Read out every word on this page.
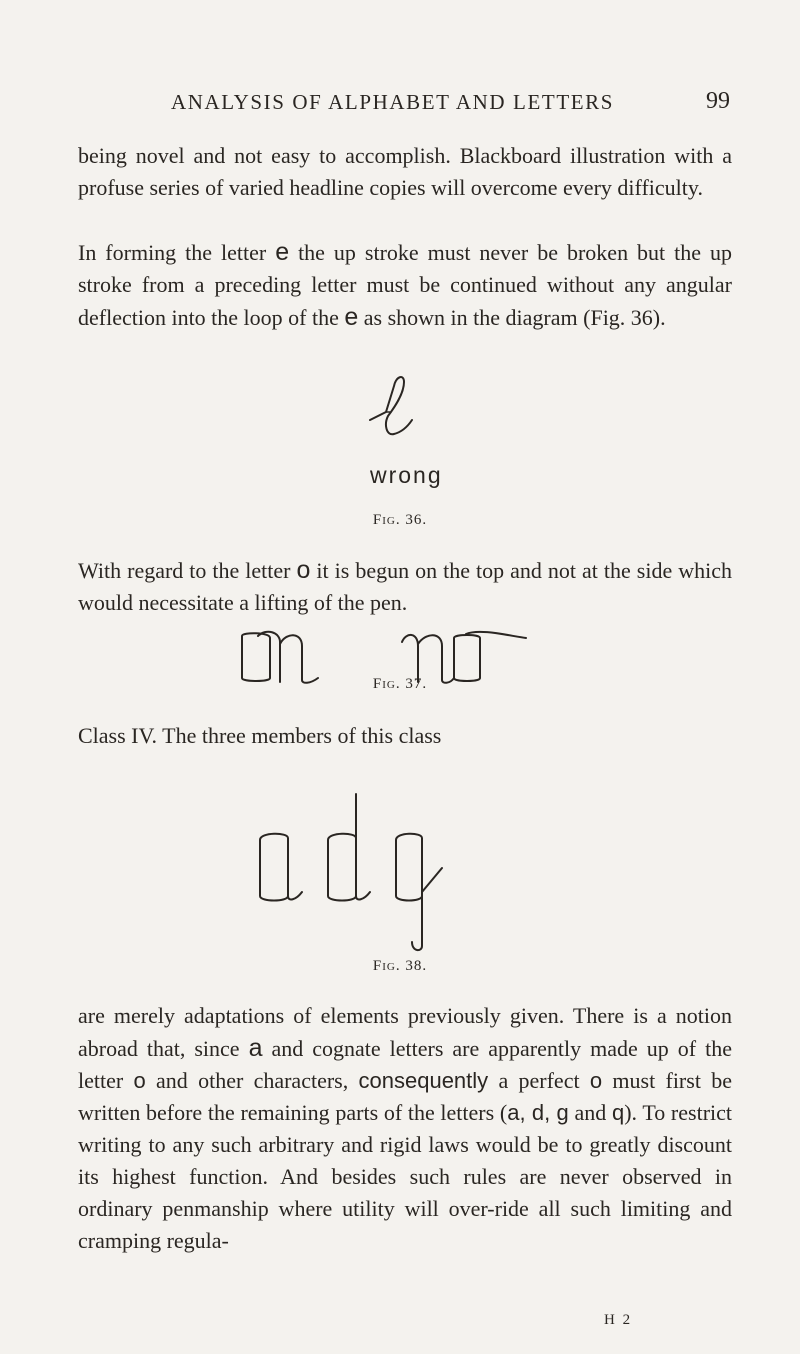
ANALYSIS OF ALPHABET AND LETTERS	99

being novel and not easy to accomplish. Blackboard illustration with a profuse series of varied headline copies will overcome every difficulty.

In forming the letter e the up stroke must never be broken but the up stroke from a preceding letter must be continued without any angular deflection into the loop of the e as shown in the diagram (Fig. 36).

wrong
Fig. 36.

With regard to the letter o it is begun on the top and not at the side which would necessitate a lifting of the pen.

Fig. 37.

Class IV. The three members of this class

Fig. 38.

are merely adaptations of elements previously given. There is a notion abroad that, since a and cognate letters are apparently made up of the letter o and other characters, consequently a perfect o must first be written before the remaining parts of the letters (a, d, g and q). To restrict writing to any such arbitrary and rigid laws would be to greatly discount its highest function. And besides such rules are never observed in ordinary penmanship where utility will over-ride all such limiting and cramping regula-

H 2
